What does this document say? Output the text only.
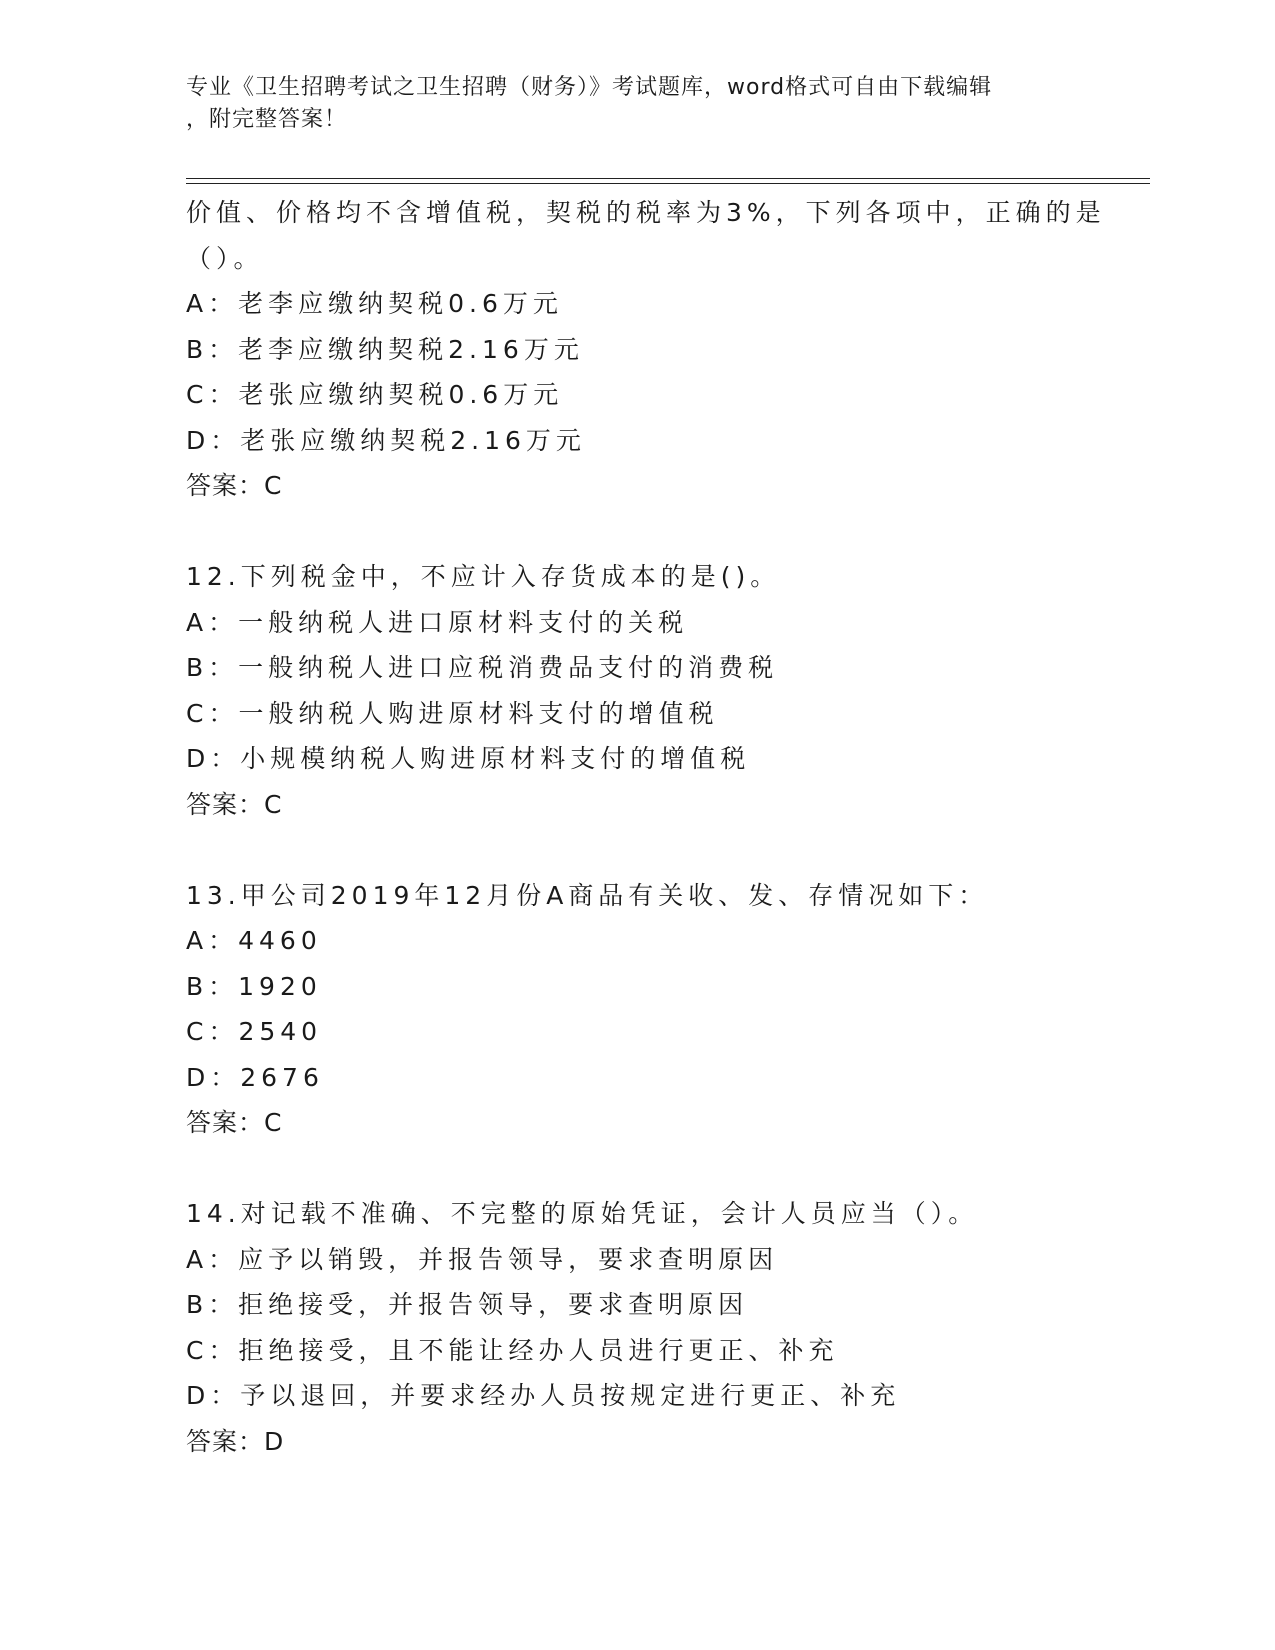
专业《卫生招聘考试之卫生招聘（财务）》考试题库，word格式可自由下载编辑
，附完整答案！
价值、价格均不含增值税，契税的税率为3%，下列各项中，正确的是
（）。
A：老李应缴纳契税0.6万元
B：老李应缴纳契税2.16万元
C：老张应缴纳契税0.6万元
D：老张应缴纳契税2.16万元
答案：C
12.下列税金中，不应计入存货成本的是()。
A：一般纳税人进口原材料支付的关税
B：一般纳税人进口应税消费品支付的消费税
C：一般纳税人购进原材料支付的增值税
D：小规模纳税人购进原材料支付的增值税
答案：C
13.甲公司2019年12月份A商品有关收、发、存情况如下：
A：4460
B：1920
C：2540
D：2676
答案：C
14.对记载不准确、不完整的原始凭证，会计人员应当（）。
A：应予以销毁，并报告领导，要求查明原因
B：拒绝接受，并报告领导，要求查明原因
C：拒绝接受，且不能让经办人员进行更正、补充
D：予以退回，并要求经办人员按规定进行更正、补充
答案：D
